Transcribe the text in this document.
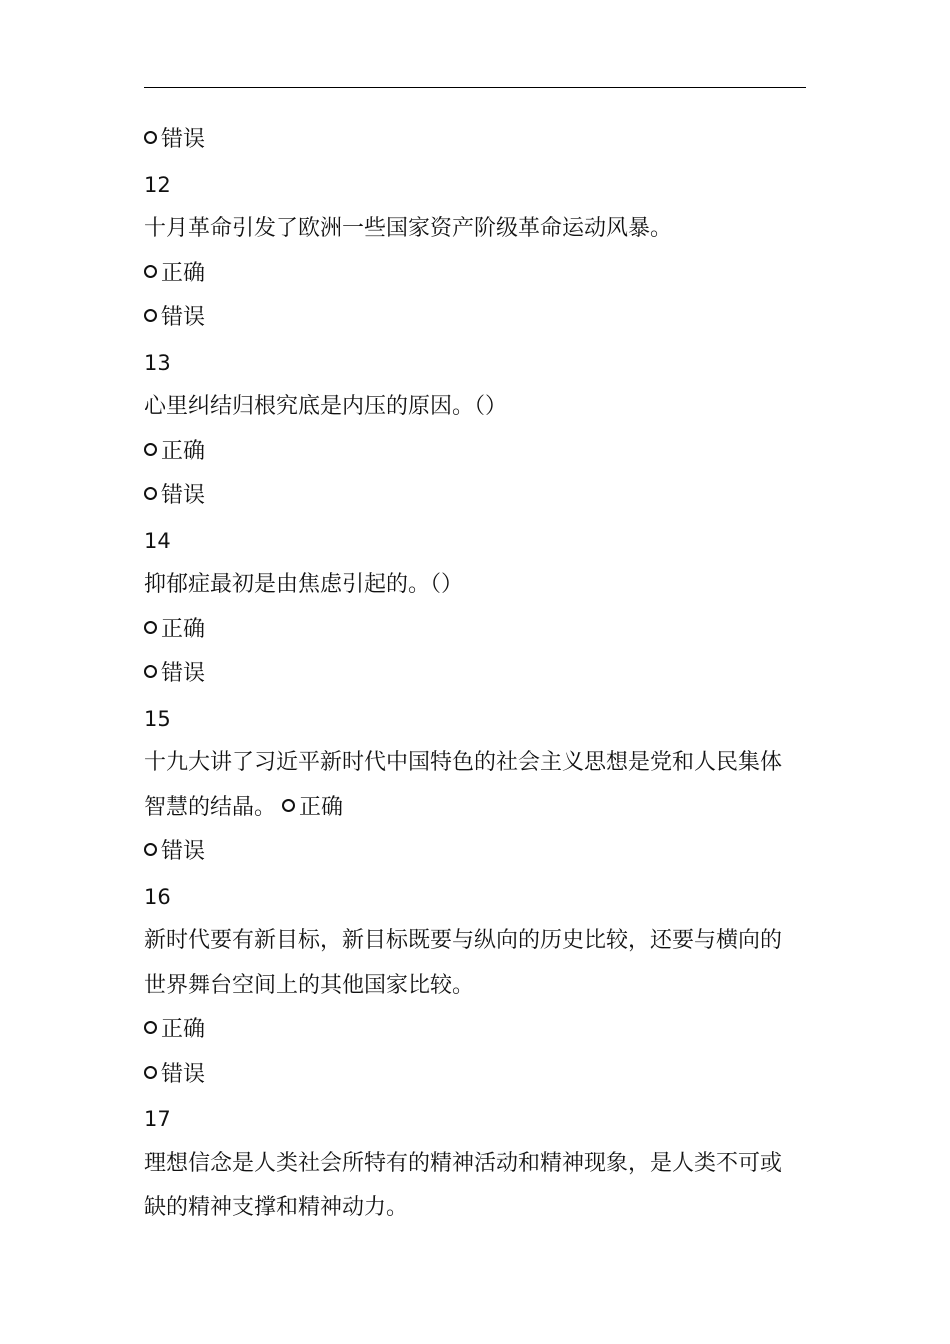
错误
12
十月革命引发了欧洲一些国家资产阶级革命运动风暴。
正确
错误
13
心里纠结归根究底是内压的原因。（）
正确
错误
14
抑郁症最初是由焦虑引起的。（）
正确
错误
15
十九大讲了习近平新时代中国特色的社会主义思想是党和人民集体
智慧的结晶。 正确
错误
16
新时代要有新目标，新目标既要与纵向的历史比较，还要与横向的
世界舞台空间上的其他国家比较。
正确
错误
17
理想信念是人类社会所特有的精神活动和精神现象，是人类不可或
缺的精神支撑和精神动力。
